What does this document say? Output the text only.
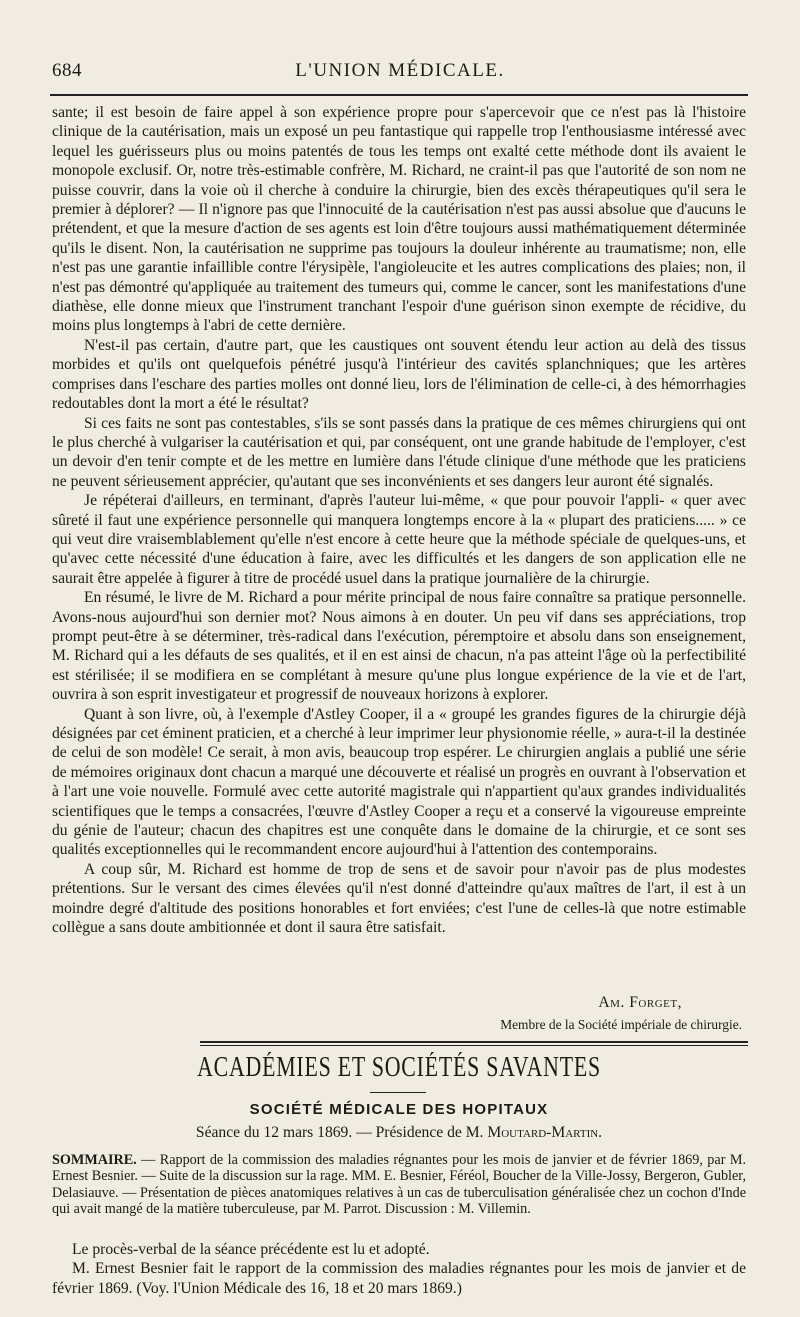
684	L'UNION MÉDICALE.

sante; il est besoin de faire appel à son expérience propre pour s'apercevoir que ce n'est pas là l'histoire clinique de la cautérisation, mais un exposé un peu fantastique qui rappelle trop l'enthousiasme intéressé avec lequel les guérisseurs plus ou moins patentés de tous les temps ont exalté cette méthode dont ils avaient le monopole exclusif. Or, notre très-estimable confrère, M. Richard, ne craint-il pas que l'autorité de son nom ne puisse couvrir, dans la voie où il cherche à conduire la chirurgie, bien des excès thérapeutiques qu'il sera le premier à déplorer? — Il n'ignore pas que l'innocuité de la cautérisation n'est pas aussi absolue que d'aucuns le prétendent, et que la mesure d'action de ses agents est loin d'être toujours aussi mathématiquement déterminée qu'ils le disent. Non, la cautérisation ne supprime pas toujours la douleur inhérente au traumatisme; non, elle n'est pas une garantie infaillible contre l'érysipèle, l'angioleucite et les autres complications des plaies; non, il n'est pas démontré qu'appliquée au traitement des tumeurs qui, comme le cancer, sont les manifestations d'une diathèse, elle donne mieux que l'instrument tranchant l'espoir d'une guérison sinon exempte de récidive, du moins plus longtemps à l'abri de cette dernière.

N'est-il pas certain, d'autre part, que les caustiques ont souvent étendu leur action au delà des tissus morbides et qu'ils ont quelquefois pénétré jusqu'à l'intérieur des cavités splanchniques; que les artères comprises dans l'eschare des parties molles ont donné lieu, lors de l'élimination de celle-ci, à des hémorrhagies redoutables dont la mort a été le résultat?

Si ces faits ne sont pas contestables, s'ils se sont passés dans la pratique de ces mêmes chirurgiens qui ont le plus cherché à vulgariser la cautérisation et qui, par conséquent, ont une grande habitude de l'employer, c'est un devoir d'en tenir compte et de les mettre en lumière dans l'étude clinique d'une méthode que les praticiens ne peuvent sérieusement apprécier, qu'autant que ses inconvénients et ses dangers leur auront été signalés.

Je répéterai d'ailleurs, en terminant, d'après l'auteur lui-même, « que pour pouvoir l'appli- « quer avec sûreté il faut une expérience personnelle qui manquera longtemps encore à la « plupart des praticiens..... » ce qui veut dire vraisemblablement qu'elle n'est encore à cette heure que la méthode spéciale de quelques-uns, et qu'avec cette nécessité d'une éducation à faire, avec les difficultés et les dangers de son application elle ne saurait être appelée à figurer à titre de procédé usuel dans la pratique journalière de la chirurgie.

En résumé, le livre de M. Richard a pour mérite principal de nous faire connaître sa pratique personnelle. Avons-nous aujourd'hui son dernier mot? Nous aimons à en douter. Un peu vif dans ses appréciations, trop prompt peut-être à se déterminer, très-radical dans l'exécution, péremptoire et absolu dans son enseignement, M. Richard qui a les défauts de ses qualités, et il en est ainsi de chacun, n'a pas atteint l'âge où la perfectibilité est stérilisée; il se modifiera en se complétant à mesure qu'une plus longue expérience de la vie et de l'art, ouvrira à son esprit investigateur et progressif de nouveaux horizons à explorer.

Quant à son livre, où, à l'exemple d'Astley Cooper, il a « groupé les grandes figures de la chirurgie déjà désignées par cet éminent praticien, et a cherché à leur imprimer leur physionomie réelle, » aura-t-il la destinée de celui de son modèle! Ce serait, à mon avis, beaucoup trop espérer. Le chirurgien anglais a publié une série de mémoires originaux dont chacun a marqué une découverte et réalisé un progrès en ouvrant à l'observation et à l'art une voie nouvelle. Formulé avec cette autorité magistrale qui n'appartient qu'aux grandes individualités scientifiques que le temps a consacrées, l'œuvre d'Astley Cooper a reçu et a conservé la vigoureuse empreinte du génie de l'auteur; chacun des chapitres est une conquête dans le domaine de la chirurgie, et ce sont ses qualités exceptionnelles qui le recommandent encore aujourd'hui à l'attention des contemporains.

A coup sûr, M. Richard est homme de trop de sens et de savoir pour n'avoir pas de plus modestes prétentions. Sur le versant des cimes élevées qu'il n'est donné d'atteindre qu'aux maîtres de l'art, il est à un moindre degré d'altitude des positions honorables et fort enviées; c'est l'une de celles-là que notre estimable collègue a sans doute ambitionnée et dont il saura être satisfait.

Am. Forget,
Membre de la Société impériale de chirurgie.
ACADÉMIES ET SOCIÉTÉS SAVANTES
SOCIÉTÉ MÉDICALE DES HOPITAUX
Séance du 12 mars 1869. — Présidence de M. Moutard-Martin.
SOMMAIRE. — Rapport de la commission des maladies régnantes pour les mois de janvier et de février 1869, par M. Ernest Besnier. — Suite de la discussion sur la rage. MM. E. Besnier, Féréol, Boucher de la Ville-Jossy, Bergeron, Gubler, Delasiauve. — Présentation de pièces anatomiques relatives à un cas de tuberculisation généralisée chez un cochon d'Inde qui avait mangé de la matière tuberculeuse, par M. Parrot. Discussion : M. Villemin.

Le procès-verbal de la séance précédente est lu et adopté.

M. Ernest Besnier fait le rapport de la commission des maladies régnantes pour les mois de janvier et de février 1869. (Voy. l'Union Médicale des 16, 18 et 20 mars 1869.)
